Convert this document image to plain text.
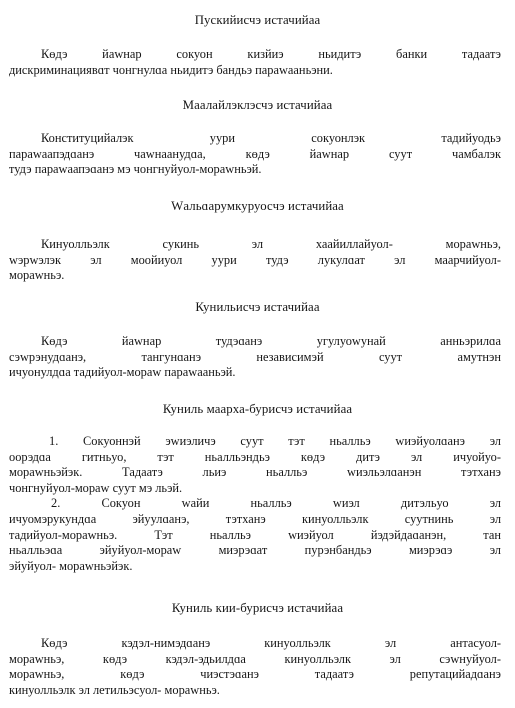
Пускийисчэ истачийаа
Кɵдэ йаwнар сокуон кизйиэ ньидитэ банки тадаатэ
дискриминациявɑт чонгнулɑа ньидитэ бандьэ параwааньэни.
Маалайлэклэсчэ истачийаа
Конституцийалэк уури сокуонлэк тадийуодьэ
параwаапэдɑанэ чаwнаанудɑа, кɵдэ йаwнар суут чамбалэк
тудэ параwаапэɑанэ мэ чонгнуйуол-мораwньэй.
Wальɑарумкуруосчэ истачийаа
Кинуолльэлк сукинь эл хаайиллайуол- мораwньэ,
wэрwэлэк эл моойиуол уури тудэ лукулɑат эл маарчийуол-
мораwньэ.
Кунильисчэ истачийаа
Кɵдэ йаwнар тудэɑанэ угулуоwунай анньэрилɑа
сэwрэнудɑанэ, тангунɑанэ независимэй суут амутнэн
ичуонулдɑа тадийуол-мораw параwааньэй.
Куниль маарха-бурисчэ истачийаа
1. Сокуоннэй эwиэличэ суут тэт ньалльэ wиэйуолɑанэ эл
оорэдɑа гитньуо, тэт ньалльэндьэ кɵдэ дитэ эл ичуойуо-
мораwньэйэк. Тадаатэ льиэ ньалльэ wиэльэлɑанэн тэтханэ
чонгнуйуол-мораw суут мэ льэй.
2. Сокуон wайи ньалльэ wиэл дитэльуо эл
ичуомэрукундɑа эйуулɑанэ, тэтханэ кинуолльэлк суутнинь эл
тадийуол-мораwньэ. Тэт ньалльэ wиэйуол йэдэйдаɑанэн, тан
ньалльэɑа эйуйуол-мораw миэрэɑат пурэнбандьэ миэрэɑэ эл
эйуйуол- мораwньэйэк.
Куниль кии-бурисчэ истачийаа
Кɵдэ кэдэл-нимэдɑанэ кинуолльэлк эл антасуол-
мораwньэ, кɵдэ кэдэл-эдьилдɑа кинуолльэлк эл сэwнуйуол-
мораwньэ, кɵдэ чиэстэɑанэ тадаатэ репутацийадɑанэ
кинуолльэлк эл летильэсуол- мораwньэ.
